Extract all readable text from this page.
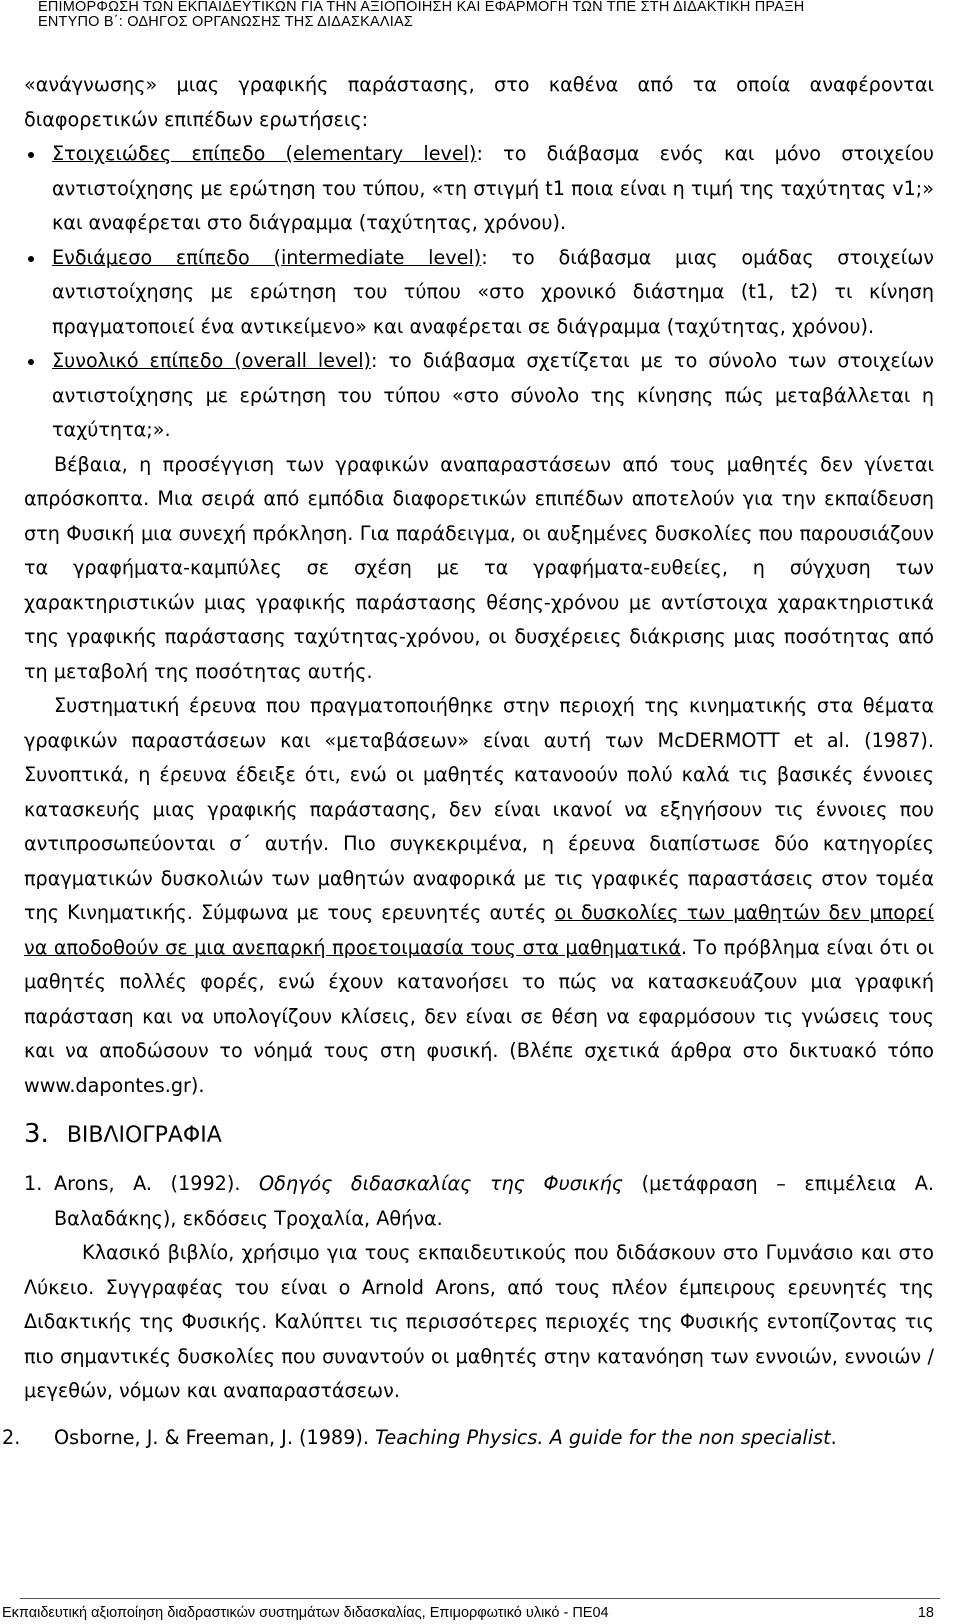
ΕΠΙΜΟΡΦΩΣΗ ΤΩΝ ΕΚΠΑΙΔΕΥΤΙΚΩΝ ΓΙΑ ΤΗΝ ΑΞΙΟΠΟΙΗΣΗ ΚΑΙ ΕΦΑΡΜΟΓΗ ΤΩΝ ΤΠΕ ΣΤΗ ΔΙΔΑΚΤΙΚΗ ΠΡΑΞΗ
ΕΝΤΥΠΟ Β΄: ΟΔΗΓΟΣ ΟΡΓΑΝΩΣΗΣ ΤΗΣ ΔΙΔΑΣΚΑΛΙΑΣ

«ανάγνωσης» μιας γραφικής παράστασης, στο καθένα από τα οποία αναφέρονται διαφορετικών επιπέδων ερωτήσεις:

Στοιχειώδες επίπεδο (elementary level): το διάβασμα ενός και μόνο στοιχείου αντιστοίχησης με ερώτηση του τύπου, «τη στιγμή t1 ποια είναι η τιμή της ταχύτητας v1;» και αναφέρεται στο διάγραμμα (ταχύτητας, χρόνου).
Ενδιάμεσο επίπεδο (intermediate level): το διάβασμα μιας ομάδας στοιχείων αντιστοίχησης με ερώτηση του τύπου «στο χρονικό διάστημα (t1, t2) τι κίνηση πραγματοποιεί ένα αντικείμενο» και αναφέρεται σε διάγραμμα (ταχύτητας, χρόνου).
Συνολικό επίπεδο (overall level): το διάβασμα σχετίζεται με το σύνολο των στοιχείων αντιστοίχησης με ερώτηση του τύπου «στο σύνολο της κίνησης πώς μεταβάλλεται η ταχύτητα;».

Βέβαια, η προσέγγιση των γραφικών αναπαραστάσεων από τους μαθητές δεν γίνεται απρόσκοπτα. Μια σειρά από εμπόδια διαφορετικών επιπέδων αποτελούν για την εκπαίδευση στη Φυσική μια συνεχή πρόκληση. Για παράδειγμα, οι αυξημένες δυσκολίες που παρουσιάζουν τα γραφήματα-καμπύλες σε σχέση με τα γραφήματα-ευθείες, η σύγχυση των χαρακτηριστικών μιας γραφικής παράστασης θέσης-χρόνου με αντίστοιχα χαρακτηριστικά της γραφικής παράστασης ταχύτητας-χρόνου, οι δυσχέρειες διάκρισης μιας ποσότητας από τη μεταβολή της ποσότητας αυτής.

Συστηματική έρευνα που πραγματοποιήθηκε στην περιοχή της κινηματικής στα θέματα γραφικών παραστάσεων και «μεταβάσεων» είναι αυτή των McDERMOTT et al. (1987). Συνοπτικά, η έρευνα έδειξε ότι, ενώ οι μαθητές κατανοούν πολύ καλά τις βασικές έννοιες κατασκευής μιας γραφικής παράστασης, δεν είναι ικανοί να εξηγήσουν τις έννοιες που αντιπροσωπεύονται σ΄ αυτήν. Πιο συγκεκριμένα, η έρευνα διαπίστωσε δύο κατηγορίες πραγματικών δυσκολιών των μαθητών αναφορικά με τις γραφικές παραστάσεις στον τομέα της Κινηματικής. Σύμφωνα με τους ερευνητές αυτές οι δυσκολίες των μαθητών δεν μπορεί να αποδοθούν σε μια ανεπαρκή προετοιμασία τους στα μαθηματικά. Το πρόβλημα είναι ότι οι μαθητές πολλές φορές, ενώ έχουν κατανοήσει το πώς να κατασκευάζουν μια γραφική παράσταση και να υπολογίζουν κλίσεις, δεν είναι σε θέση να εφαρμόσουν τις γνώσεις τους και να αποδώσουν το νόημά τους στη φυσική. (Βλέπε σχετικά άρθρα στο δικτυακό τόπο www.dapontes.gr).

3. ΒΙΒΛΙΟΓΡΑΦΙΑ
1. Arons, A. (1992). Οδηγός διδασκαλίας της Φυσικής (μετάφραση – επιμέλεια Α. Βαλαδάκης), εκδόσεις Τροχαλία, Αθήνα.

Κλασικό βιβλίο, χρήσιμο για τους εκπαιδευτικούς που διδάσκουν στο Γυμνάσιο και στο Λύκειο. Συγγραφέας του είναι ο Arnold Arons, από τους πλέον έμπειρους ερευνητές της Διδακτικής της Φυσικής. Καλύπτει τις περισσότερες περιοχές της Φυσικής εντοπίζοντας τις πιο σημαντικές δυσκολίες που συναντούν οι μαθητές στην κατανόηση των εννοιών, εννοιών / μεγεθών, νόμων και αναπαραστάσεων.

2.	Osborne, J. & Freeman, J. (1989). Teaching Physics. A guide for the non specialist.

Εκπαιδευτική αξιοποίηση διαδραστικών συστημάτων διδασκαλίας, Επιμορφωτικό υλικό - ΠΕ04	18
